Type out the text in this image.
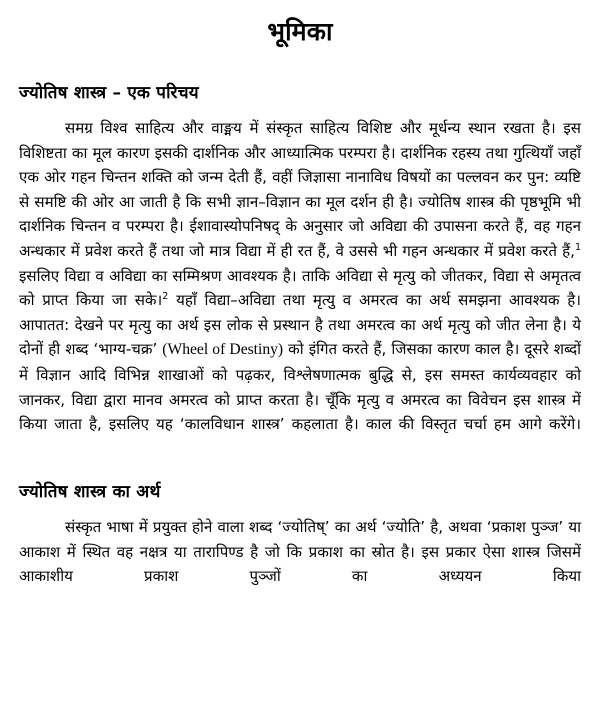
भूमिका
ज्योतिष शास्त्र – एक परिचय

समग्र विश्व साहित्य और वाङ्मय में संस्कृत साहित्य विशिष्ट और मूर्धन्य स्थान रखता है। इस विशिष्टता का मूल कारण इसकी दार्शनिक और आध्यात्मिक परम्परा है। दार्शनिक रहस्य तथा गुत्थियाँ जहाँ एक ओर गहन चिन्तन शक्ति को जन्म देती हैं, वहीं जिज्ञासा नानाविध विषयों का पल्लवन कर पुन: व्यष्टि से समष्टि की ओर आ जाती है कि सभी ज्ञान–विज्ञान का मूल दर्शन ही है। ज्योतिष शास्त्र की पृष्ठभूमि भी दार्शनिक चिन्तन व परम्परा है। ईशावास्योपनिषद् के अनुसार जो अविद्या की उपासना करते हैं, वह गहन अन्धकार में प्रवेश करते हैं तथा जो मात्र विद्या में ही रत हैं, वे उससे भी गहन अन्धकार में प्रवेश करते हैं,$^1$ इसलिए विद्या व अविद्या का सम्मिश्रण आवश्यक है। ताकि अविद्या से मृत्यु को जीतकर, विद्या से अमृतत्व को प्राप्त किया जा सके।$^2$ यहाँ विद्या–अविद्या तथा मृत्यु व अमरत्व का अर्थ समझना आवश्यक है। आपातत: देखने पर मृत्यु का अर्थ इस लोक से प्रस्थान है तथा अमरत्व का अर्थ मृत्यु को जीत लेना है। ये दोनों ही शब्द ‘भाग्य-चक्र’ (Wheel of Destiny) को इंगित करते हैं, जिसका कारण काल है। दूसरे शब्दों में विज्ञान आदि विभिन्न शाखाओं को पढ़कर, विश्लेषणात्मक बुद्धि से, इस समस्त कार्यव्यवहार को जानकर, विद्या द्वारा मानव अमरत्व को प्राप्त करता है। चूँकि मृत्यु व अमरत्व का विवेचन इस शास्त्र में किया जाता है, इसलिए यह ‘कालविधान शास्त्र’ कहलाता है। काल की विस्तृत चर्चा हम आगे करेंगे।

ज्योतिष शास्त्र का अर्थ

संस्कृत भाषा में प्रयुक्त होने वाला शब्द ‘ज्योतिष्’ का अर्थ ‘ज्योति’ है, अथवा ‘प्रकाश पुञ्ज’ या आकाश में स्थित वह नक्षत्र या तारापिण्ड है जो कि प्रकाश का स्रोत है। इस प्रकार ऐसा शास्त्र जिसमें आकाशीय प्रकाश पुञ्जों का अध्ययन किया
